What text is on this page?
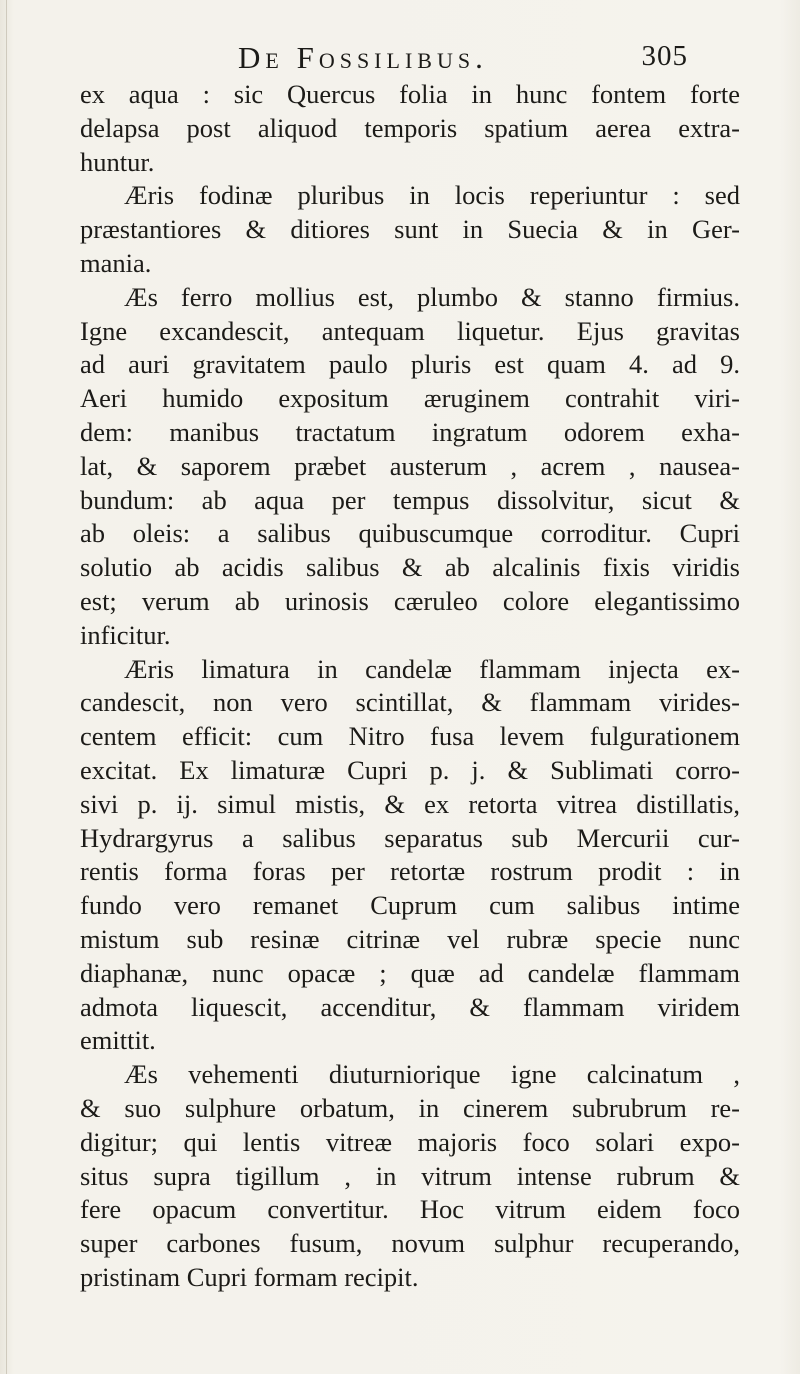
De Fossilibus.	305
ex aqua : sic Quercus folia in hunc fontem forte
delapsa post aliquod temporis spatium aerea extra-
huntur.
Æris fodinæ pluribus in locis reperiuntur : sed
præstantiores & ditiores sunt in Suecia & in Ger-
mania.
Æs ferro mollius est, plumbo & stanno firmius.
Igne excandescit, antequam liquetur. Ejus gravitas
ad auri gravitatem paulo pluris est quam 4. ad 9.
Aeri humido expositum æruginem contrahit viri-
dem: manibus tractatum ingratum odorem exha-
lat, & saporem præbet austerum , acrem , nausea-
bundum: ab aqua per tempus dissolvitur, sicut &
ab oleis: a salibus quibuscumque corroditur. Cupri
solutio ab acidis salibus & ab alcalinis fixis viridis
est; verum ab urinosis cæruleo colore elegantissimo
inficitur.
Æris limatura in candelæ flammam injecta ex-
candescit, non vero scintillat, & flammam virides-
centem efficit: cum Nitro fusa levem fulgurationem
excitat. Ex limaturæ Cupri p. j. & Sublimati corro-
sivi p. ij. simul mistis, & ex retorta vitrea distillatis,
Hydrargyrus a salibus separatus sub Mercurii cur-
rentis forma foras per retortæ rostrum prodit : in
fundo vero remanet Cuprum cum salibus intime
mistum sub resinæ citrinæ vel rubræ specie nunc
diaphanæ, nunc opacæ ; quæ ad candelæ flammam
admota liquescit, accenditur, & flammam viridem
emittit.
Æs vehementi diuturniorique igne calcinatum ,
& suo sulphure orbatum, in cinerem subrubrum re-
digitur; qui lentis vitreæ majoris foco solari expo-
situs supra tigillum , in vitrum intense rubrum &
fere opacum convertitur. Hoc vitrum eidem foco
super carbones fusum, novum sulphur recuperando,
pristinam Cupri formam recipit.
